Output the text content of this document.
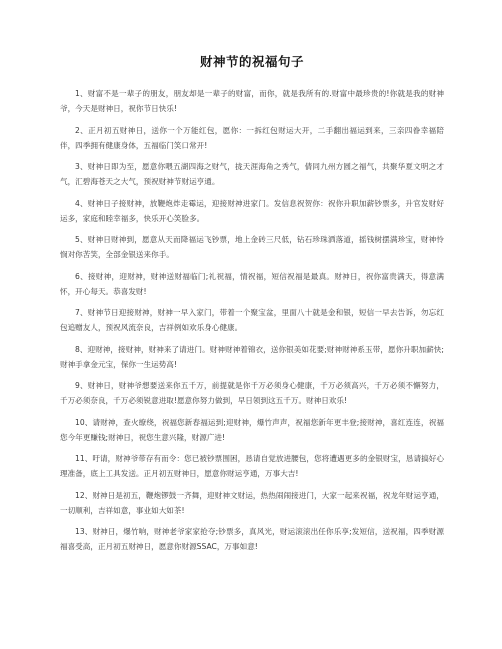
财神节的祝福句子

1、财富不是一辈子的朋友，朋友却是一辈子的财富，而你，就是我所有的.财富中最珍贵的!你就是我的财神爷，今天是财神日，祝你节日快乐!

2、正月初五财神日，送你一个万能红包，愿你：一拆红包财运大开，二手翻出福运到来，三亲四眷幸福陪伴，四季拥有健康身体，五福临门笑口常开!

3、财神日即为至，愿意你喂五湖四海之财气，拢天涯海角之秀气，倩同九州方圆之福气，共聚华夏文明之才气，汇碧海苍天之大气，预祝财神节财运亨通。

4、财神日子接财神，放鞭炮炸走霉运，迎接财神进家门。发信息祝贺你：祝你升职加薪钞票多，升官发财好运多，家庭和睦幸福多，快乐开心笑脸多。

5、财神日财神到，愿意从天而降福运飞钞票，地上金砖三尺低，钻石珍珠洒落道，摇钱树摆满珍宝，财神怜悯对你苦笑，全部金银送来你手。

6、接财神，迎财神，财神送财福临门;礼祝福，情祝福，短信祝福是最真。财神日，祝你富贵满天，得意满怀，开心每天。恭喜发财!

7、财神节日迎接财神，财神一早入家门，带着一个聚宝盆，里面八十就是金和银，短信一早去告诉，勿忘红包追赠友人，预祝风流奈良，吉祥例如欢乐身心健康。

8、迎财神，接财神，财神来了请进门。财神财神着锦衣，送你银美如花要;财神财神系玉带，愿你升职加薪快;财神手拿金元宝，保你一生运势高!

9、财神日，财神爷想要送来你五千万，前提就是你千万必须身心健康，千万必须高兴，千万必须不懈努力，千万必须奈良，千万必须锐意进取!愿意你努力做到，早日领到这五千万。财神日欢乐!

10、请财神，查火缭绕，祝福您新春福运到;迎财神，爆竹声声，祝福您新年更丰登;接财神，喜红连连，祝福您今年更赚钱;财神日，祝您生意兴隆，财源广进!

11、吁请，财神爷带存有而令：您已被钞票围困，恳请自觉放进腰包，您将遭遇更多的金银财宝，恳请搞好心理准备，底上工具发送。正月初五财神日，愿意你财运亨通，万事大吉!

12、财神日是初五，鞭炮锣鼓一齐舞，迎财神文财运，热热闹闹接进门，大家一起来祝福，祝龙年财运亨通，一切顺利，吉祥如意，事业如大如茶!

13、财神日，爆竹响，财神老爷家家抢夺;钞票多，真风光，财运滚滚出任你乐享;发短信，送祝福，四季财源福喜受高，正月初五财神日，愿意你财源SSAC，万事如意!
